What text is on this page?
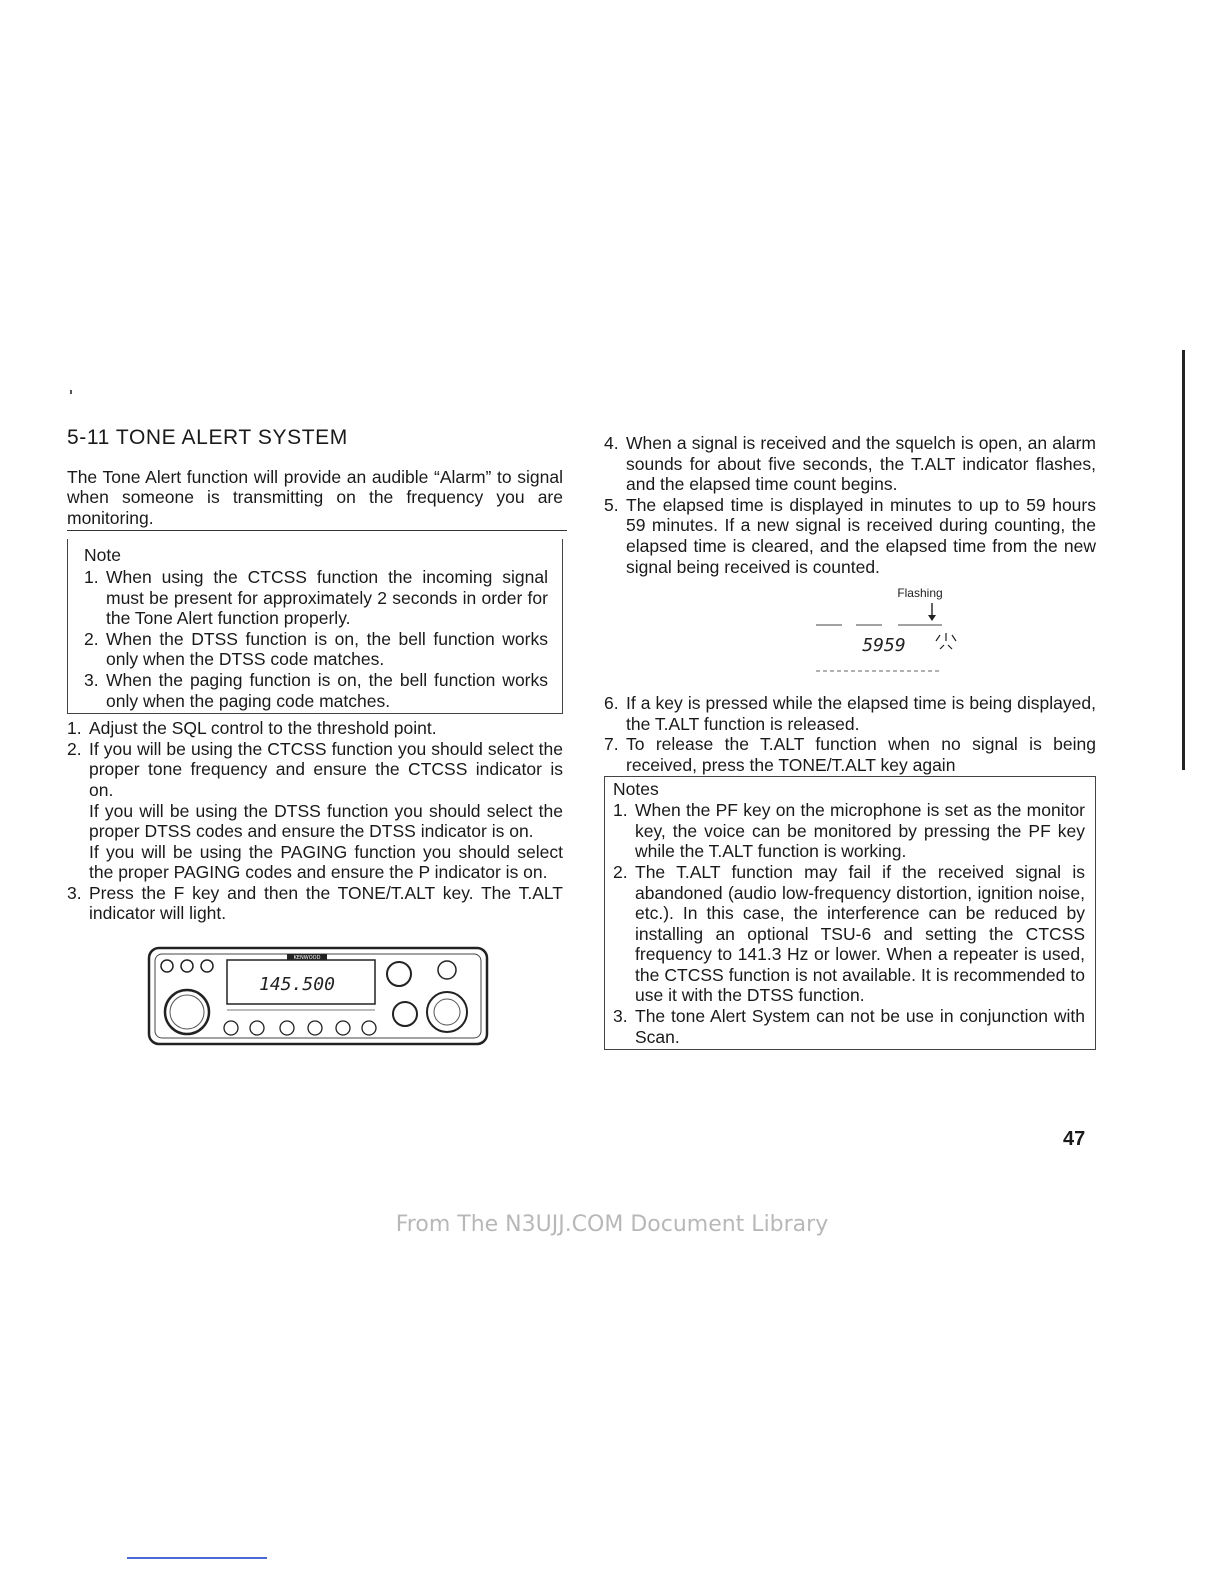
5-11 TONE ALERT SYSTEM

The Tone Alert function will provide an audible “Alarm” to signal when someone is transmitting on the frequency you are monitoring.

Note
1. When using the CTCSS function the incoming signal must be present for approximately 2 seconds in order for the Tone Alert function properly.
2. When the DTSS function is on, the bell function works only when the DTSS code matches.
3. When the paging function is on, the bell function works only when the paging code matches.
1. Adjust the SQL control to the threshold point.
2. If you will be using the CTCSS function you should select the proper tone frequency and ensure the CTCSS indicator is on.
If you will be using the DTSS function you should select the proper DTSS codes and ensure the DTSS indicator is on.
If you will be using the PAGING function you should select the proper PAGING codes and ensure the P indicator is on.
3. Press the F key and then the TONE/T.ALT key. The T.ALT indicator will light.
KENWOOD
145.500
4. When a signal is received and the squelch is open, an alarm sounds for about five seconds, the T.ALT indicator flashes, and the elapsed time count begins.
5. The elapsed time is displayed in minutes to up to 59 hours 59 minutes. If a new signal is received during counting, the elapsed time is cleared, and the elapsed time from the new signal being received is counted.
Flashing
5959
6. If a key is pressed while the elapsed time is being displayed, the T.ALT function is released.
7. To release the T.ALT function when no signal is being received, press the TONE/T.ALT key again
Notes
1. When the PF key on the microphone is set as the monitor key, the voice can be monitored by pressing the PF key while the T.ALT function is working.
2. The T.ALT function may fail if the received signal is abandoned (audio low-frequency distortion, ignition noise, etc.). In this case, the interference can be reduced by installing an optional TSU-6 and setting the CTCSS frequency to 141.3 Hz or lower. When a repeater is used, the CTCSS function is not available. It is recommended to use it with the DTSS function.
3. The tone Alert System can not be use in conjunction with Scan.
47
From The N3UJJ.COM Document Library
